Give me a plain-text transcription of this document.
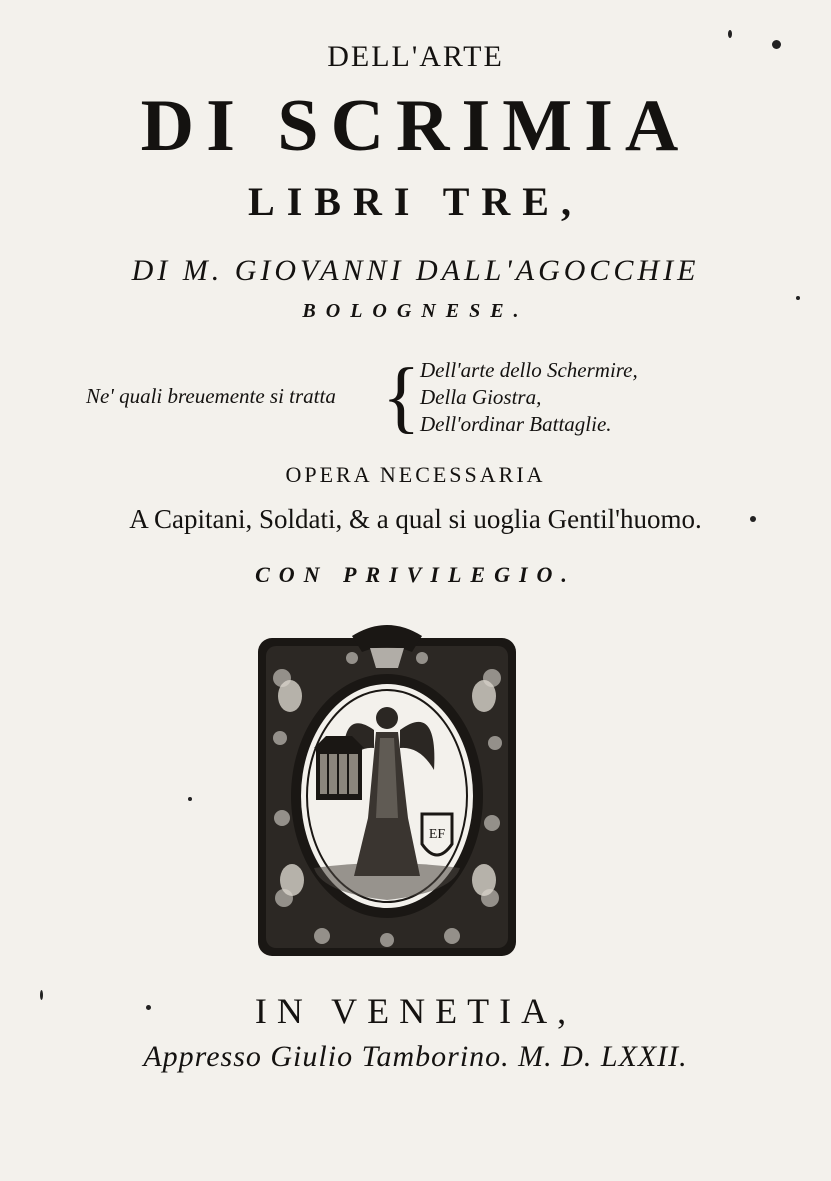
DELL'ARTE
DI SCRIMIA
LIBRI TRE,
DI M. GIOVANNI DALL'AGOCCHIE
BOLOGNESE.
Ne' quali breuemente si tratta { Dell'arte dello Schermire,
Della Giostra,
Dell'ordinar Battaglie.
OPERA NECESSARIA
A Capitani, Soldati, & a qual si uoglia Gentil'huomo.
CON PRIVILEGIO.
EF
IN VENETIA,
Appresso Giulio Tamborino. M. D. LXXII.
